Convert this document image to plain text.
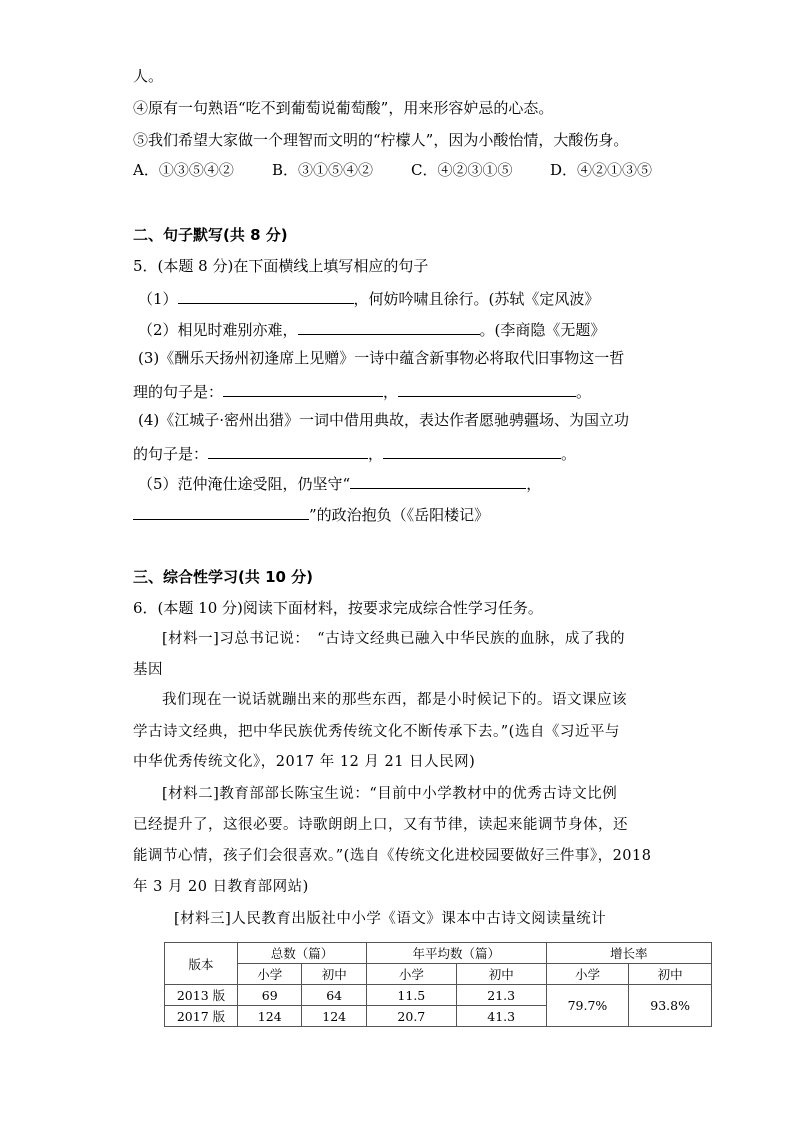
人。
④原有一句熟语“吃不到葡萄说葡萄酸”，用来形容妒忌的心态。
⑤我们希望大家做一个理智而文明的“柠檬人”，因为小酸怡情，大酸伤身。
A．①③⑤④②	B．③①⑤④②	C．④②③①⑤	D．④②①③⑤
二、句子默写(共 8 分)
5．(本题 8 分)在下面横线上填写相应的句子
（1）	，何妨吟啸且徐行。(苏轼《定风波》
（2）相见时难别亦难，	。(李商隐《无题》
(3)《酬乐天扬州初逢席上见赠》一诗中蕴含新事物必将取代旧事物这一哲
理的句子是：	，	。
(4)《江城子·密州出猎》一词中借用典故，表达作者愿驰骋疆场、为国立功
的句子是：	，	。
（5）范仲淹仕途受阻，仍坚守“	，
”的政治抱负（《岳阳楼记》
三、综合性学习(共 10 分)
6．(本题 10 分)阅读下面材料，按要求完成综合性学习任务。
[材料一]习总书记说：　“古诗文经典已融入中华民族的血脉，成了我的
基因
我们现在一说话就蹦出来的那些东西，都是小时候记下的。语文课应该
学古诗文经典，把中华民族优秀传统文化不断传承下去。”(选自《习近平与
中华优秀传统文化》，2017 年 12 月 21 日人民网)
[材料二]教育部部长陈宝生说：“目前中小学教材中的优秀古诗文比例
已经提升了，这很必要。诗歌朗朗上口，又有节律，读起来能调节身体，还
能调节心情，孩子们会很喜欢。”(选自《传统文化进校园要做好三件事》，2018
年 3 月 20 日教育部网站)
[材料三]人民教育出版社中小学《语文》课本中古诗文阅读量统计
版本	总数（篇）		年平均数（篇）		增长率	
	小学	初中	小学	初中	小学	初中
2013 版	69	64	11.5	21.3	79.7%	93.8%
2017 版	124	124	20.7	41.3		
